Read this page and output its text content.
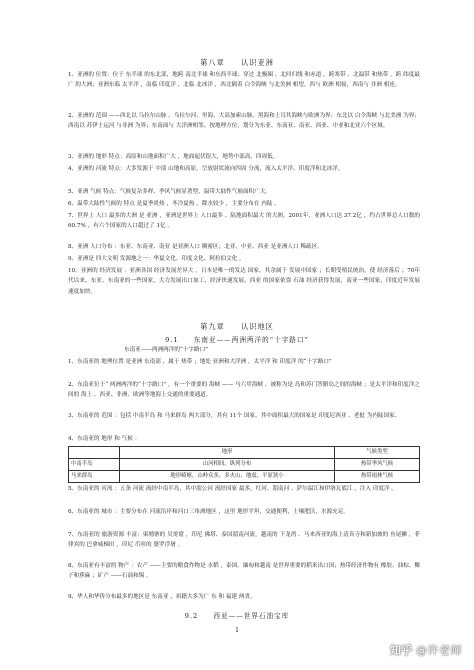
第八章　　认识亚洲
1、亚洲的 位置：位于 东半球 的东北部，地跨 南北半球 和东西半球；穿过 北极圈 、北回归线 和赤道 ，跨寒带 、北温带 和热带 ，跨 纬度最广 的大洲；亚洲东临 太平洋 ，南临 印度洋 ，北临 北冰洋 ，西北隔着 白令海峡 与北美洲 相望，西与 欧洲 相接，西南与 非洲 相连。
2、亚洲的 范围 ——西北以 乌拉尔山脉 、乌拉尔河、里海、大高加索山脉、黑海和土耳其海峡与欧洲为界；东北以 白令海峡 与北美洲 为界；西南以 苏伊士运河 与非洲 为界；东南面与 大洋洲相邻。按地理方位，划分为东亚、东南亚、南亚、西亚、中亚和北亚六个区域。
3、亚洲的 地形 特点：高原和山地面积广大 ，地面起伏很大，地势中部高，四周低。
4、亚洲的 河流 特点：大多发源于 中部 山地和高原，呈放射状流向四周 分流，流入太平洋、印度洋和北冰洋。
5、亚洲 气候 特点：气候复杂多样、季风气候显著型、温带大陆性气候面积广大。
6、温带大陆性气候的 特点 是夏季炎热 ，冬冷夏热 ，降水较少 ，主要分布在 内陆 。
7、世界上 人口 最多的大洲 是 亚洲 ，亚洲是世界上 人口最多 、陆地面积最大 的大洲。2001年，亚洲人口达 37.2亿 ，约占世界总人口数的 60.7% ，有六个国家的人口超过了 1亿 。
8、亚洲 人口分布 ：东亚、东南亚、南亚 是亚洲人口 稠密区；北亚、中亚、西亚 是亚洲人口 稀疏区。
9、亚洲是 四大文明 发源地之一：华夏文化、印度文化、阿拉伯文化 。
10、亚洲的 经济发展 ：亚洲各国 经济发展差异大 ，日本是唯一的发达 国家，其余属于 发展中国家 ；长期受殖民统治，使 经济落后 ；70年代以来，东亚、东南亚的一些国家，大力发展出口加工，经济快速发展，西亚 的国家依靠 石油 经济获得发展，南亚一些国家，印度近年发展速度加快。
第九章　　认识地区
9.1　　东南亚——两洲两洋的“十字路口”
东南亚——两洲两洋的“十字路口”
1、东南亚的 地理位置 是亚洲 东南部 ，属于 热带 ；地处 亚洲和大洋洲 ，太平洋 和 印度洋 的“十字路口”
2、东南亚位于“ 两洲两洋的“十字路口” ，有一个重要的 海峡 —— 马六甲海峡 ，被称为是 岛和苏门答腊岛之间的海峡 ；是太平洋和印度洋之间的 海上 、西亚、非洲、欧洲等地海上交通的重要通道。
3、东南亚的 范围 ：包括 中南半岛 和 马来群岛 两大部分，其有 11个 国家，其中面积最大的国家是 印度尼西亚 ，老挝 为内陆国家。
4、东南亚的 地形 和 气候 ：
	地形	气候类型
中南半岛	山河相间，纵列分布	热带季风气候
马来群岛	地形崎岖，山岭众多，多火山、地震，平原狭小	热带雨林气候
5、东南亚的 河流 ：五条 河流 流经中南半岛，其中湄公河 流经国家 最多，红河、湄南河 、萨尔温江和伊洛瓦底江 ，注入 印度洋 。
6、东南亚的 城市 ：主要分布在 河流沿岸和河口三角洲地区 ，这里 地形平坦，交通便利，土壤肥沃，水源充足。
7、东南亚的 旅游资源 丰富：柬埔寨的 吴哥窟 ，印尼 佛塔、泰国湄南河流，越南的 下龙湾 、马来西亚的海上清真寺和新加坡的 鱼尾狮 ，菲律宾的 巴拿威梯田 ，印尼 爪哇的 婆罗浮屠 。
8、东南亚有丰富的 物产 ：农产 ——主要的粮食作物是 水稻 ，泰国、缅甸和越南 是世界重要的稻米出口国；热带经济作物有 橡胶、油棕、椰子和蕉麻 ；矿产 ——石油和锡 。
9、华人和华侨分布最多的地区是 东南亚 ，祖籍大多为广 东 和 福建 两省。
9.2　　西亚——世界石油宝库
1
知乎 @许老师
